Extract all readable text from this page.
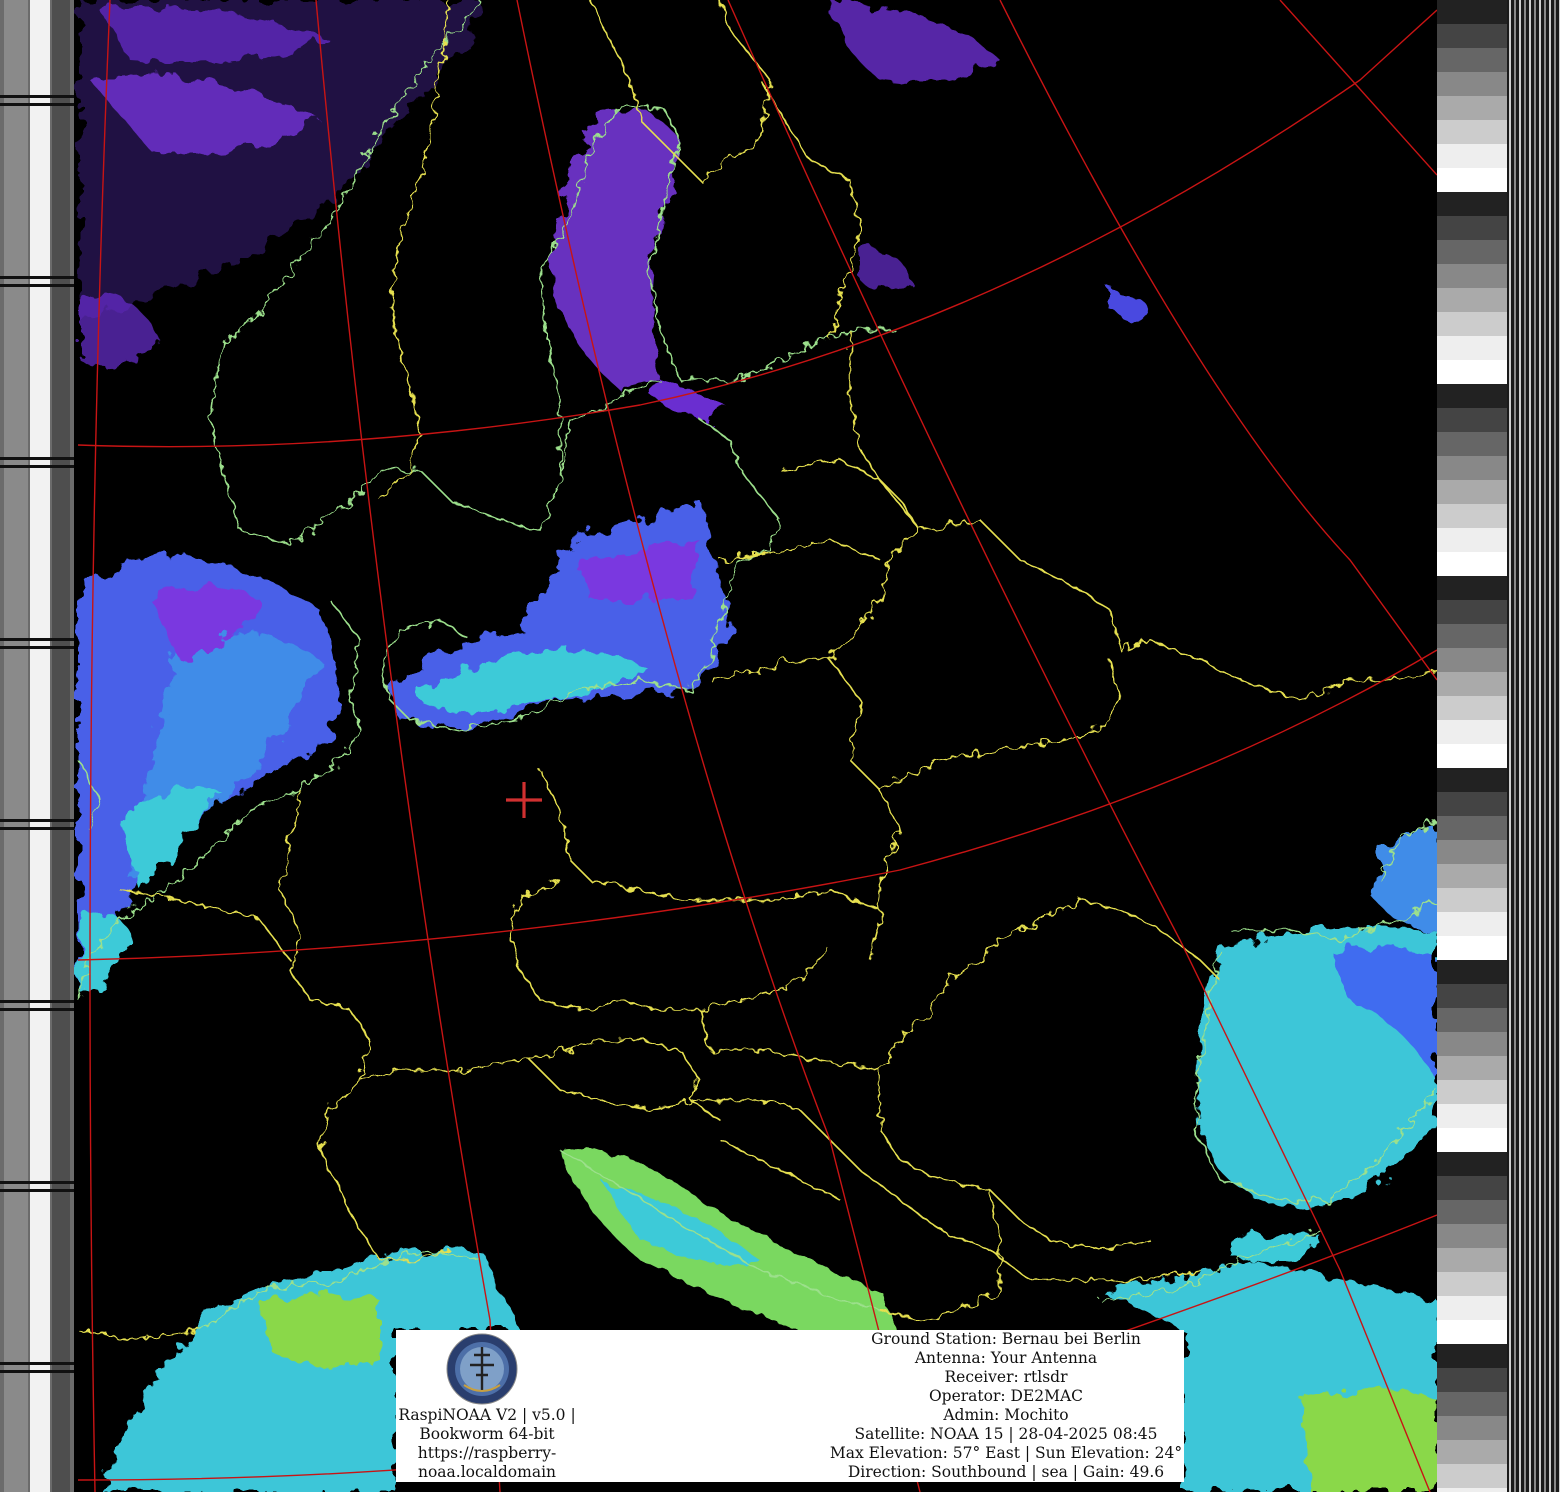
RaspiNOAA V2 | v5.0 |
Bookworm 64-bit
https://raspberry-
noaa.localdomain
Ground Station: Bernau bei Berlin
Antenna: Your Antenna
Receiver: rtlsdr
Operator: DE2MAC
Admin: Mochito
Satellite: NOAA 15 | 28-04-2025 08:45
Max Elevation: 57° East | Sun Elevation: 24°
Direction: Southbound | sea | Gain: 49.6
